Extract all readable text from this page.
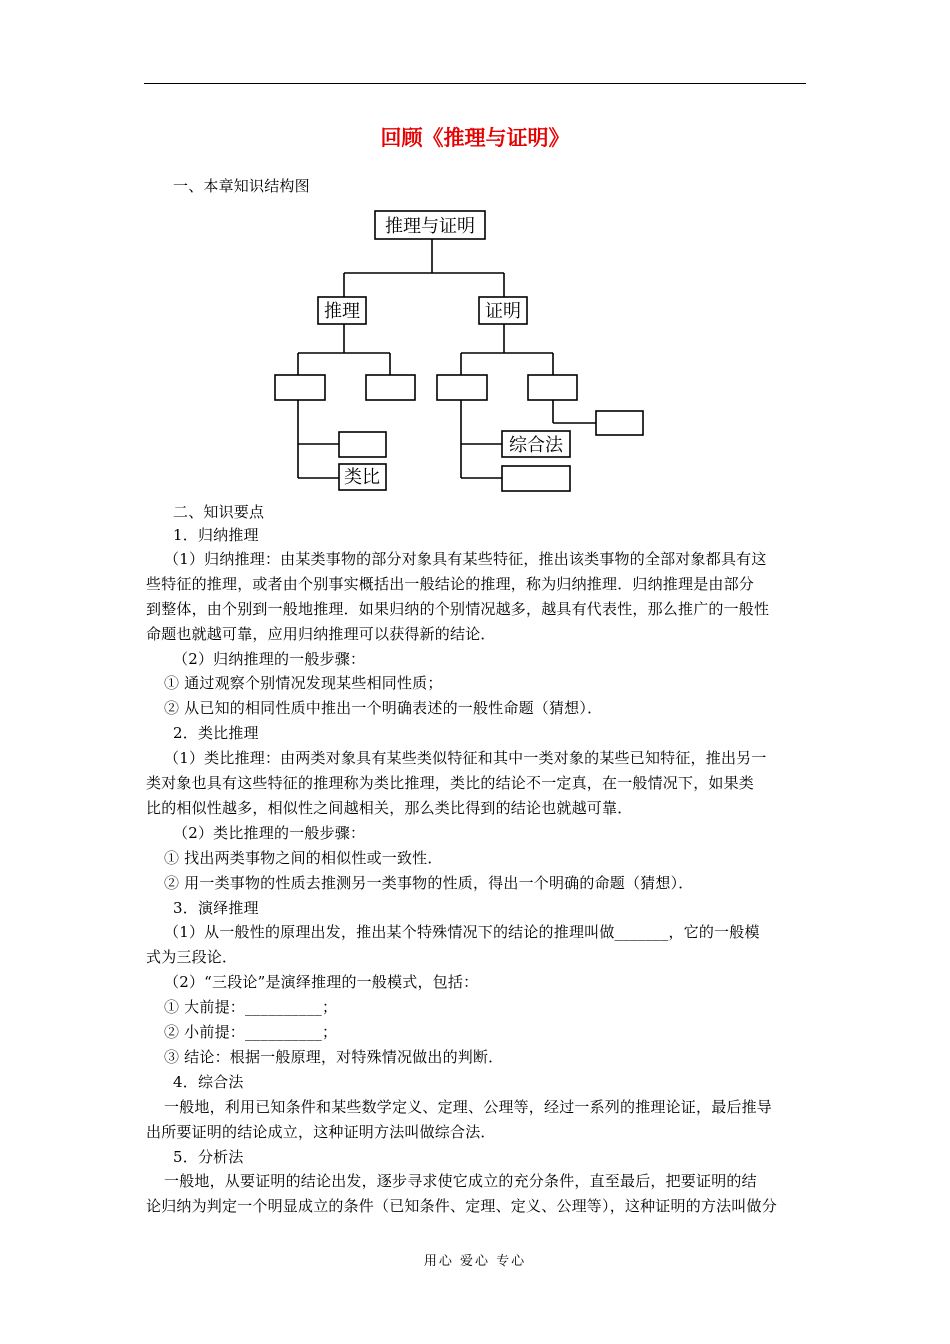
回顾《推理与证明》
一、本章知识结构图
推理与证明
推理	证明
类比
综合法
二、知识要点
1．归纳推理
（1）归纳推理：由某类事物的部分对象具有某些特征，推出该类事物的全部对象都具有这
些特征的推理，或者由个别事实概括出一般结论的推理，称为归纳推理．归纳推理是由部分
到整体，由个别到一般地推理．如果归纳的个别情况越多，越具有代表性，那么推广的一般性
命题也就越可靠，应用归纳推理可以获得新的结论．
（2）归纳推理的一般步骤：
① 通过观察个别情况发现某些相同性质；
② 从已知的相同性质中推出一个明确表述的一般性命题（猜想）．
2．类比推理
（1）类比推理：由两类对象具有某些类似特征和其中一类对象的某些已知特征，推出另一
类对象也具有这些特征的推理称为类比推理，类比的结论不一定真，在一般情况下，如果类
比的相似性越多，相似性之间越相关，那么类比得到的结论也就越可靠．
（2）类比推理的一般步骤：
① 找出两类事物之间的相似性或一致性．
② 用一类事物的性质去推测另一类事物的性质，得出一个明确的命题（猜想）．
3．演绎推理
（1）从一般性的原理出发，推出某个特殊情况下的结论的推理叫做_______，它的一般模
式为三段论．
（2）“三段论”是演绎推理的一般模式，包括：
① 大前提：__________；
② 小前提：__________；
③ 结论：根据一般原理，对特殊情况做出的判断．
4．综合法
一般地，利用已知条件和某些数学定义、定理、公理等，经过一系列的推理论证，最后推导
出所要证明的结论成立，这种证明方法叫做综合法．
5．分析法
一般地，从要证明的结论出发，逐步寻求使它成立的充分条件，直至最后，把要证明的结
论归纳为判定一个明显成立的条件（已知条件、定理、定义、公理等），这种证明的方法叫做分
用心 爱心 专心
